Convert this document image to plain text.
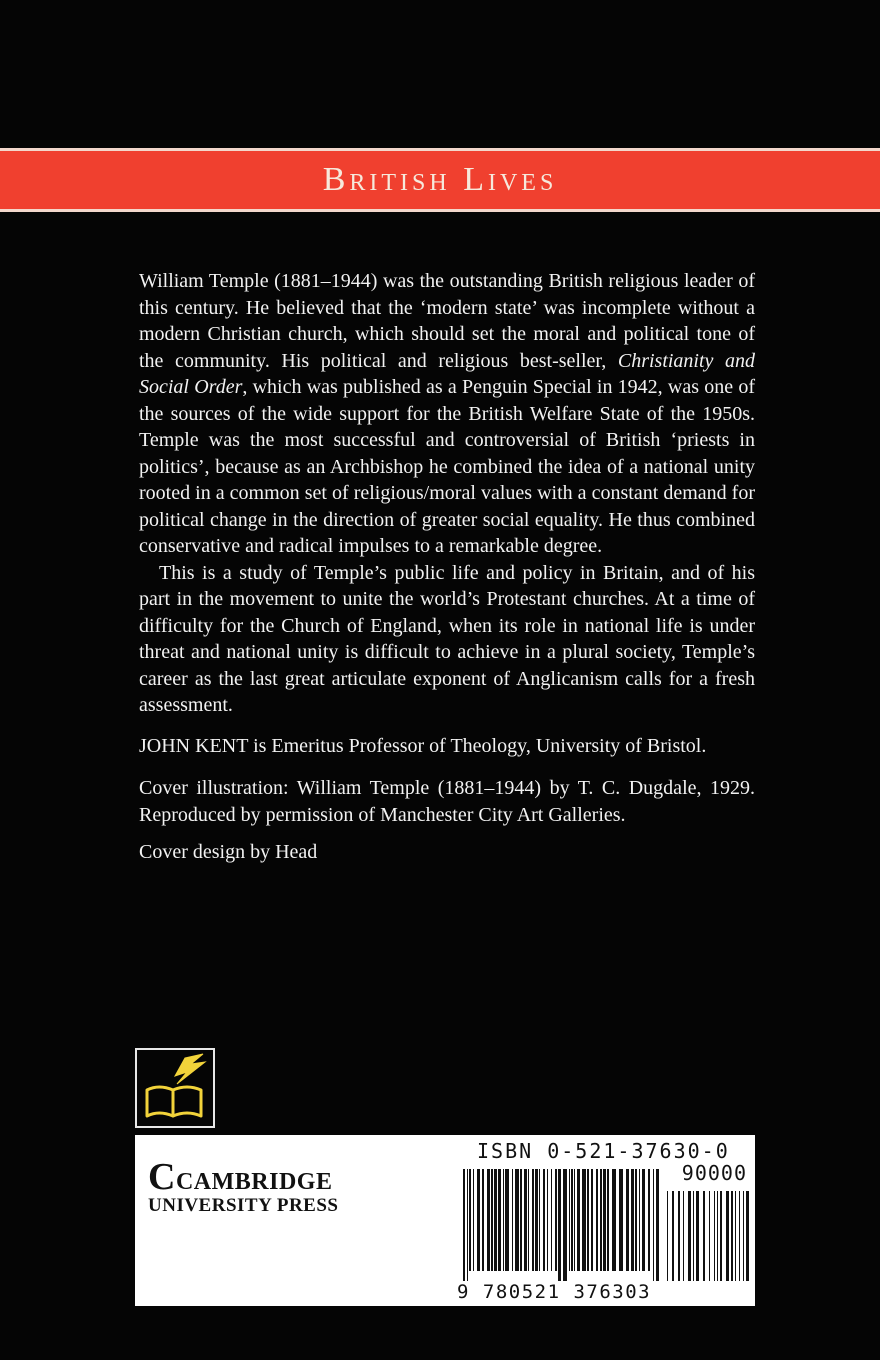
British Lives

William Temple (1881–1944) was the outstanding British religious leader of this century. He believed that the ‘modern state’ was incomplete without a modern Christian church, which should set the moral and political tone of the community. His political and religious best-seller, Christianity and Social Order, which was published as a Penguin Special in 1942, was one of the sources of the wide support for the British Welfare State of the 1950s. Temple was the most successful and controversial of British ‘priests in politics’, because as an Archbishop he combined the idea of a national unity rooted in a common set of religious/moral values with a constant demand for political change in the direction of greater social equality. He thus combined conservative and radical impulses to a remarkable degree.

This is a study of Temple’s public life and policy in Britain, and of his part in the movement to unite the world’s Protestant churches. At a time of difficulty for the Church of England, when its role in national life is under threat and national unity is difficult to achieve in a plural society, Temple’s career as the last great articulate exponent of Anglicanism calls for a fresh assessment.

JOHN KENT is Emeritus Professor of Theology, University of Bristol.

Cover illustration: William Temple (1881–1944) by T. C. Dugdale, 1929. Reproduced by permission of Manchester City Art Galleries.

Cover design by Head

Ccambridge
UNIVERSITY PRESS
ISBN 0-521-37630-0
90000
9 780521 376303
